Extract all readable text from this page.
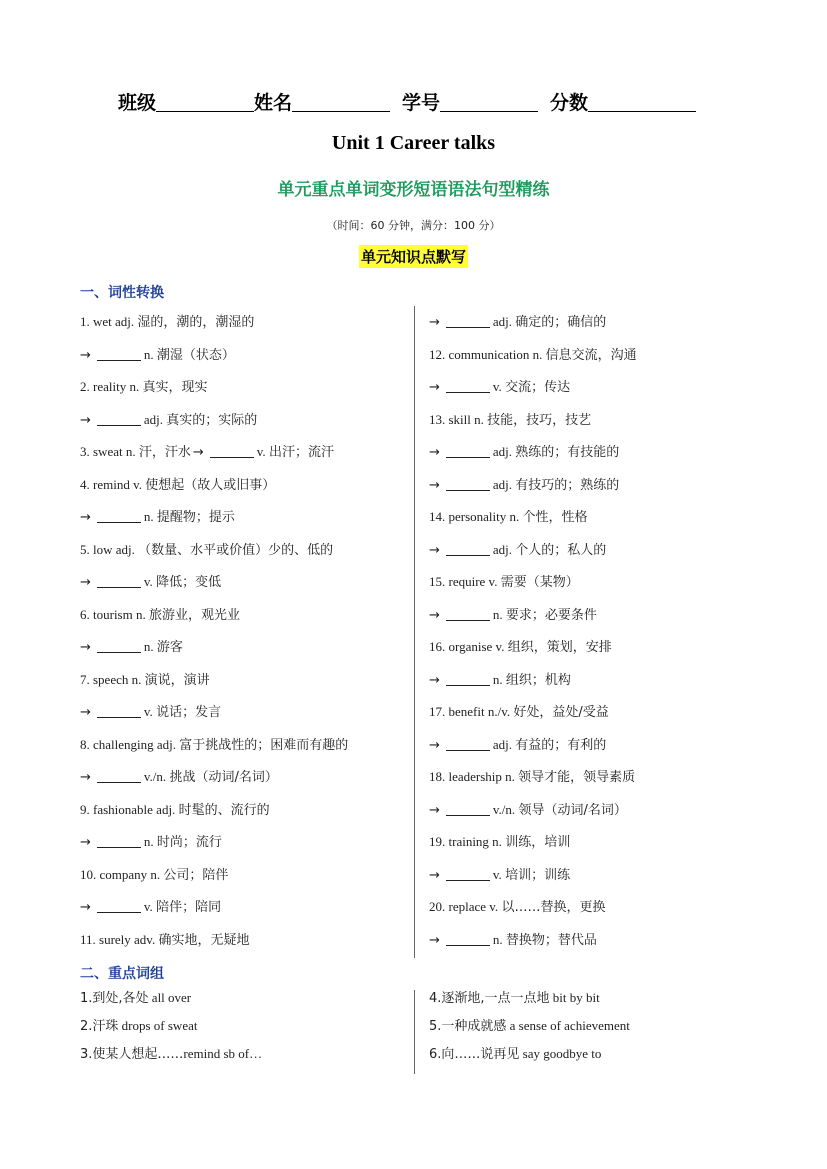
班级	姓名	学号	分数
Unit 1 Career talks
单元重点单词变形短语语法句型精练
（时间：60 分钟，满分：100 分）
单元知识点默写
一、词性转换
1. wet adj. 湿的，潮的，潮湿的
→	n. 潮湿（状态）
2. reality n. 真实，现实
→	adj. 真实的；实际的
3. sweat n. 汗，汗水 →	v. 出汗；流汗
4. remind v. 使想起（故人或旧事）
→	n. 提醒物；提示
5. low adj. （数量、水平或价值）少的、低的
→	v. 降低；变低
6. tourism n. 旅游业，观光业
→	n. 游客
7. speech n. 演说，演讲
→	v. 说话；发言
8. challenging adj. 富于挑战性的；困难而有趣的
→	v./n. 挑战（动词/名词）
9. fashionable adj. 时髦的、流行的
→	n. 时尚；流行
10. company n. 公司；陪伴
→	v. 陪伴；陪同
11. surely adv. 确实地，无疑地
→	adj. 确定的；确信的
12. communication n. 信息交流，沟通
→	v. 交流；传达
13. skill n. 技能，技巧，技艺
→	adj. 熟练的；有技能的
→	adj. 有技巧的；熟练的
14. personality n. 个性，性格
→	adj. 个人的；私人的
15. require v. 需要（某物）
→	n. 要求；必要条件
16. organise v. 组织，策划，安排
→	n. 组织；机构
17. benefit n./v. 好处，益处/受益
→	adj. 有益的；有利的
18. leadership n. 领导才能，领导素质
→	v./n. 领导（动词/名词）
19. training n. 训练，培训
→	v. 培训；训练
20. replace v. 以……替换，更换
→	n. 替换物；替代品
二、重点词组
1.到处,各处 all over
2.汗珠 drops of sweat
3.使某人想起……remind sb of…
4.逐渐地,一点一点地 bit by bit
5.一种成就感 a sense of achievement
6.向……说再见 say goodbye to
